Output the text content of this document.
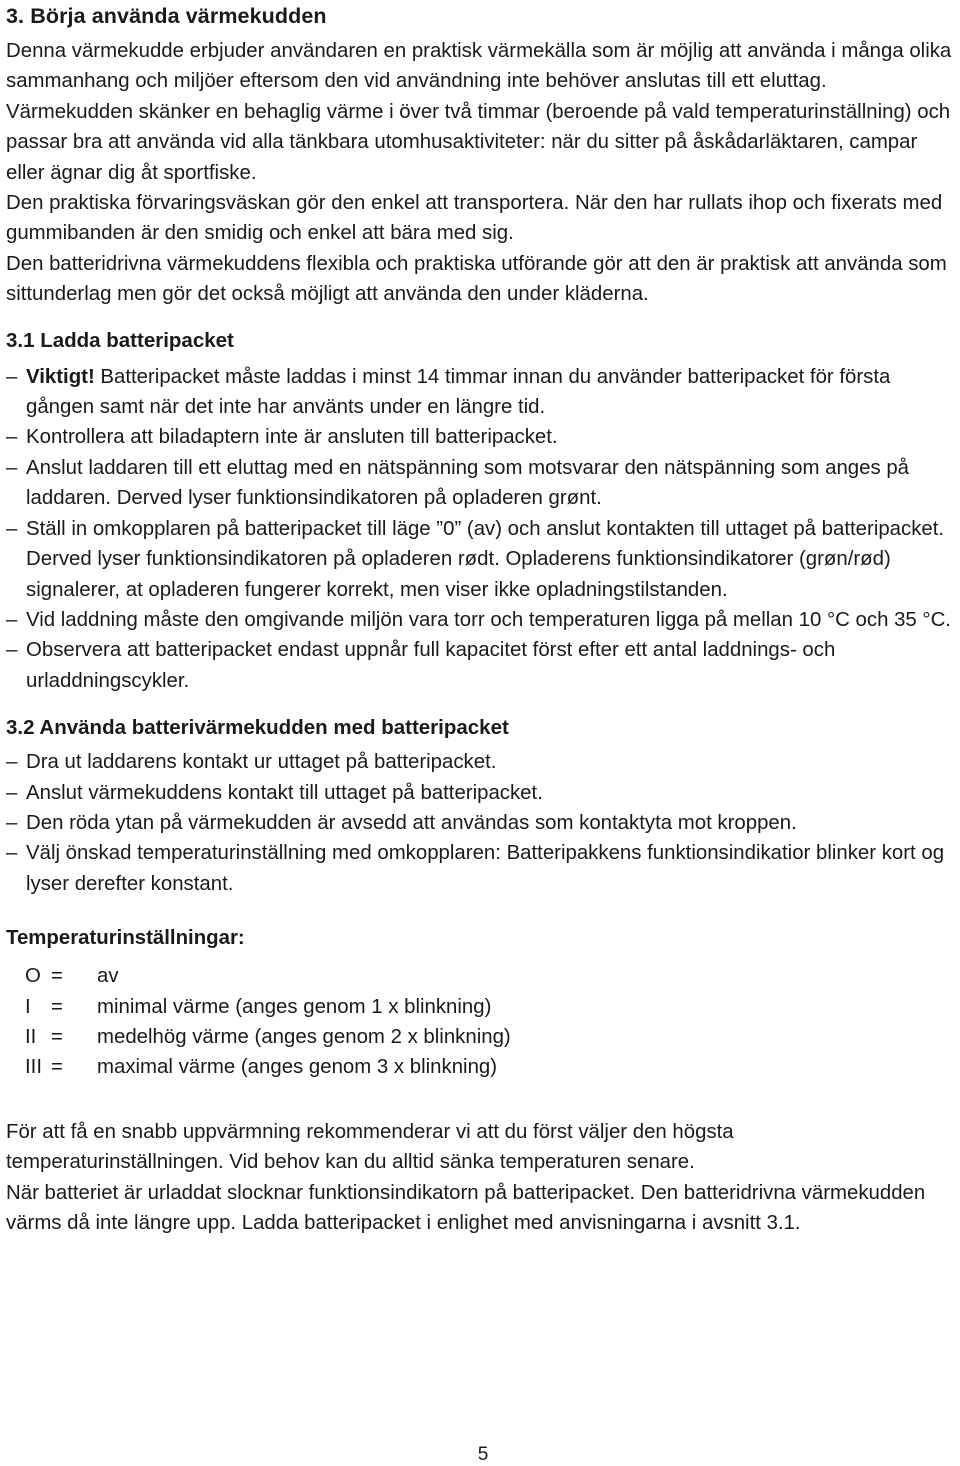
3. Börja använda värmekudden

Denna värmekudde erbjuder användaren en praktisk värmekälla som är möjlig att använda i många olika sammanhang och miljöer eftersom den vid användning inte behöver anslutas till ett eluttag. Värmekudden skänker en behaglig värme i över två timmar (beroende på vald temperaturinställning) och passar bra att använda vid alla tänkbara utomhusaktiviteter: när du sitter på åskådarläktaren, campar eller ägnar dig åt sportfiske.

Den praktiska förvaringsväskan gör den enkel att transportera. När den har rullats ihop och fixerats med gummibanden är den smidig och enkel att bära med sig.

Den batteridrivna värmekuddens flexibla och praktiska utförande gör att den är praktisk att använda som sittunderlag men gör det också möjligt att använda den under kläderna.

3.1 Ladda batteripacket
– Viktigt! Batteripacket måste laddas i minst 14 timmar innan du använder batteripacket för första gången samt när det inte har använts under en längre tid.
– Kontrollera att biladaptern inte är ansluten till batteripacket.
– Anslut laddaren till ett eluttag med en nätspänning som motsvarar den nätspänning som anges på laddaren. Derved lyser funktionsindikatoren på opladeren grønt.
– Ställ in omkopplaren på batteripacket till läge ”0” (av) och anslut kontakten till uttaget på batteripacket. Derved lyser funktionsindikatoren på opladeren rødt. Opladerens funktionsindikatorer (grøn/rød) signalerer, at opladeren fungerer korrekt, men viser ikke opladningstilstanden.
– Vid laddning måste den omgivande miljön vara torr och temperaturen ligga på mellan 10 °C och 35 °C.
– Observera att batteripacket endast uppnår full kapacitet först efter ett antal laddnings- och urladdningscykler.
3.2 Använda batterivärmekudden med batteripacket
– Dra ut laddarens kontakt ur uttaget på batteripacket.
– Anslut värmekuddens kontakt till uttaget på batteripacket.
– Den röda ytan på värmekudden är avsedd att användas som kontaktyta mot kroppen.
– Välj önskad temperaturinställning med omkopplaren: Batteripakkens funktionsindikatior blinker kort og lyser derefter konstant.
Temperaturinställningar:
O	=	av
I	=	minimal värme (anges genom 1 x blinkning)
II	=	medelhög värme (anges genom 2 x blinkning)
III	=	maximal värme (anges genom 3 x blinkning)

För att få en snabb uppvärmning rekommenderar vi att du först väljer den högsta temperaturinställningen. Vid behov kan du alltid sänka temperaturen senare.

När batteriet är urladdat slocknar funktionsindikatorn på batteripacket. Den batteridrivna värmekudden värms då inte längre upp. Ladda batteripacket i enlighet med anvisningarna i avsnitt 3.1.

5
